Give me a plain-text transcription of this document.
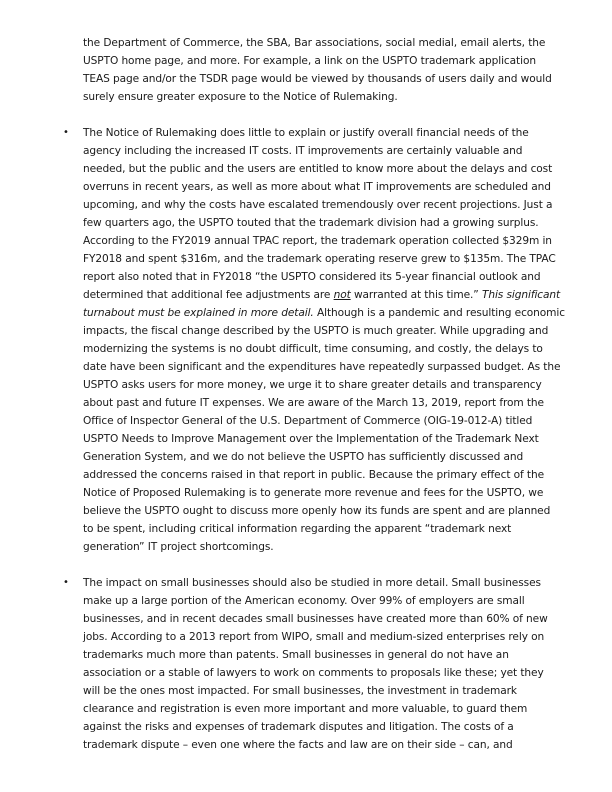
the Department of Commerce, the SBA, Bar associations, social medial, email alerts, the
USPTO home page, and more. For example, a link on the USPTO trademark application
TEAS page and/or the TSDR page would be viewed by thousands of users daily and would
surely ensure greater exposure to the Notice of Rulemaking.
• The Notice of Rulemaking does little to explain or justify overall financial needs of the
agency including the increased IT costs. IT improvements are certainly valuable and
needed, but the public and the users are entitled to know more about the delays and cost
overruns in recent years, as well as more about what IT improvements are scheduled and
upcoming, and why the costs have escalated tremendously over recent projections. Just a
few quarters ago, the USPTO touted that the trademark division had a growing surplus.
According to the FY2019 annual TPAC report, the trademark operation collected $329m in
FY2018 and spent $316m, and the trademark operating reserve grew to $135m. The TPAC
report also noted that in FY2018 “the USPTO considered its 5-year financial outlook and
determined that additional fee adjustments are not warranted at this time.” This significant
turnabout must be explained in more detail. Although is a pandemic and resulting economic
impacts, the fiscal change described by the USPTO is much greater. While upgrading and
modernizing the systems is no doubt difficult, time consuming, and costly, the delays to
date have been significant and the expenditures have repeatedly surpassed budget. As the
USPTO asks users for more money, we urge it to share greater details and transparency
about past and future IT expenses. We are aware of the March 13, 2019, report from the
Office of Inspector General of the U.S. Department of Commerce (OIG-19-012-A) titled
USPTO Needs to Improve Management over the Implementation of the Trademark Next
Generation System, and we do not believe the USPTO has sufficiently discussed and
addressed the concerns raised in that report in public. Because the primary effect of the
Notice of Proposed Rulemaking is to generate more revenue and fees for the USPTO, we
believe the USPTO ought to discuss more openly how its funds are spent and are planned
to be spent, including critical information regarding the apparent “trademark next
generation” IT project shortcomings.
• The impact on small businesses should also be studied in more detail. Small businesses
make up a large portion of the American economy. Over 99% of employers are small
businesses, and in recent decades small businesses have created more than 60% of new
jobs. According to a 2013 report from WIPO, small and medium-sized enterprises rely on
trademarks much more than patents. Small businesses in general do not have an
association or a stable of lawyers to work on comments to proposals like these; yet they
will be the ones most impacted. For small businesses, the investment in trademark
clearance and registration is even more important and more valuable, to guard them
against the risks and expenses of trademark disputes and litigation. The costs of a
trademark dispute – even one where the facts and law are on their side – can, and
